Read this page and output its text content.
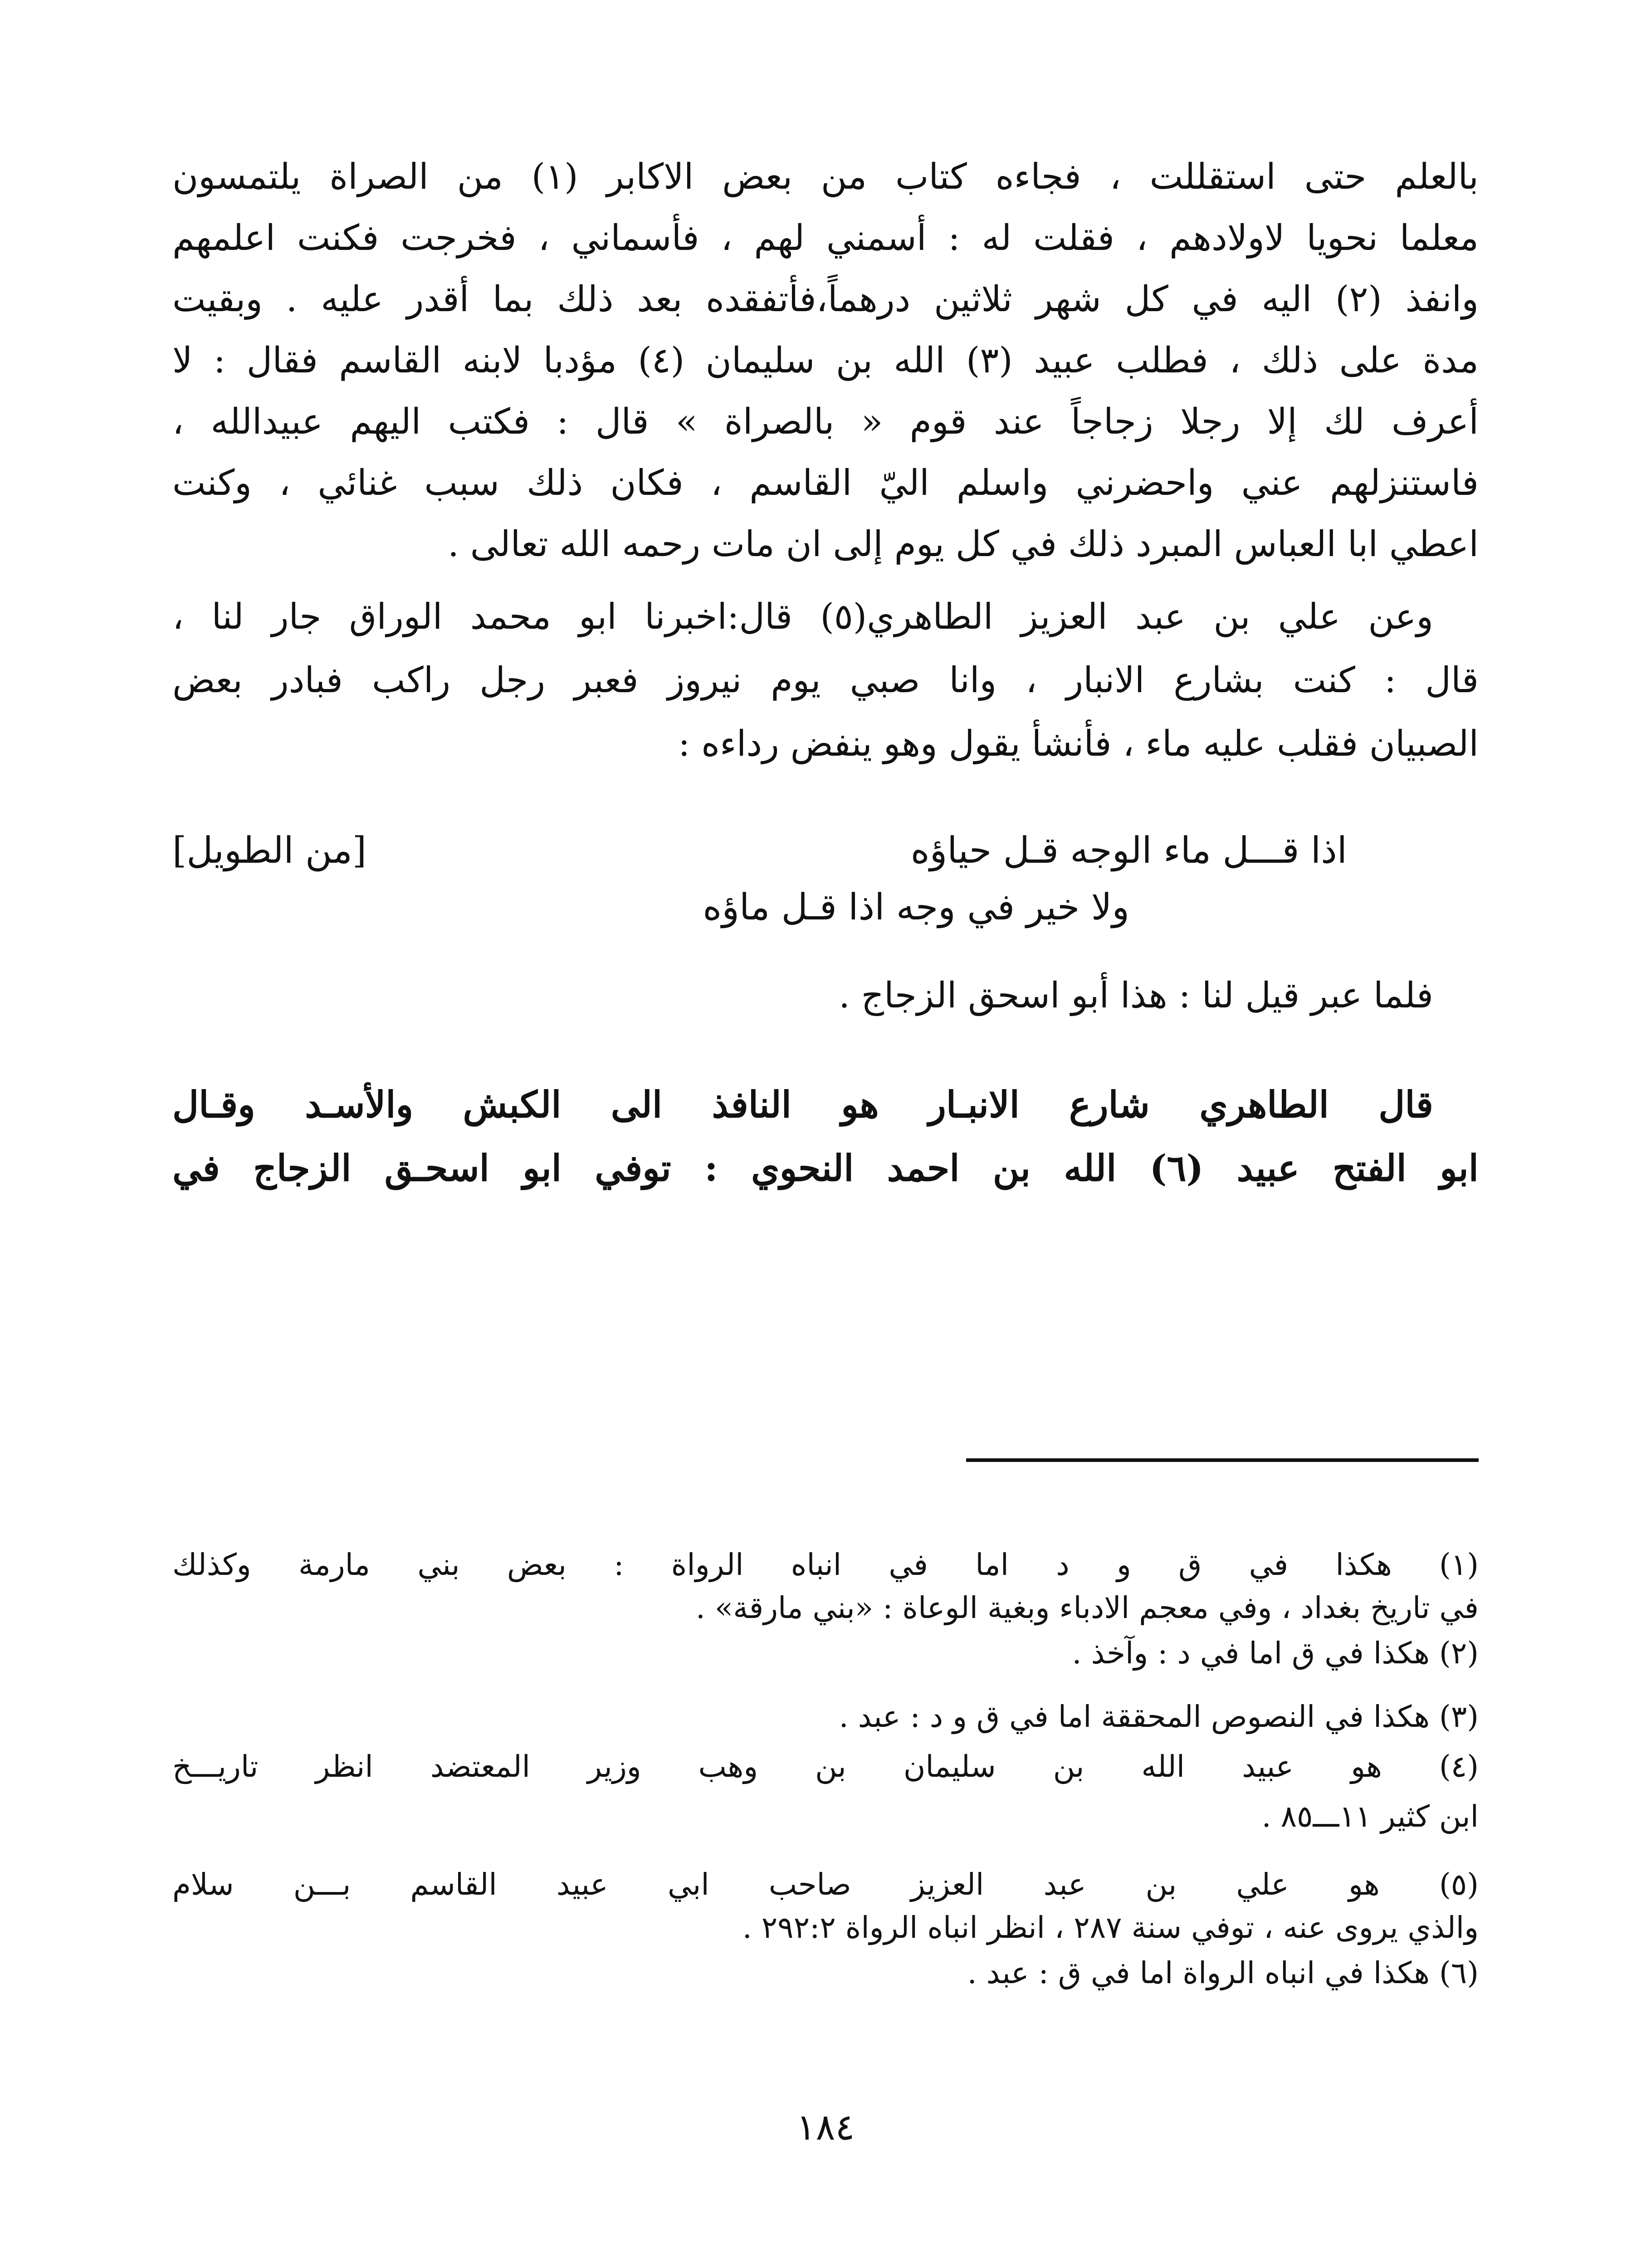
بالعلم حتى استقللت ، فجاءه كتاب من بعض الاكابر (١) من الصراة يلتمسون
معلما نحويا لاولادهم ، فقلت له : أسمني لهم ، فأسماني ، فخرجت فكنت اعلمهم
وانفذ (٢) اليه في كل شهر ثلاثين درهماً،فأتفقده بعد ذلك بما أقدر عليه . وبقيت
مدة على ذلك ، فطلب عبيد (٣) الله بن سليمان (٤) مؤدبا لابنه القاسم فقال : لا
أعرف لك إلا رجلا زجاجاً عند قوم « بالصراة » قال : فكتب اليهم عبيدالله ،
فاستنزلهم عني واحضرني واسلم اليّ القاسم ، فكان ذلك سبب غنائي ، وكنت
اعطي ابا العباس المبرد ذلك في كل يوم إلى ان مات رحمه الله تعالى .
وعن علي بن عبد العزيز الطاهري(٥) قال:اخبرنا ابو محمد الوراق جار لنا ،
قال : كنت بشارع الانبار ، وانا صبي يوم نيروز فعبر رجل راكب فبادر بعض
الصبيان فقلب عليه ماء ، فأنشأ يقول وهو ينفض رداءه :
اذا قـــل ماء الوجه قـل حياؤه
[من الطويل]
ولا خير في وجه اذا قـل ماؤه
فلما عبر قيل لنا : هذا أبو اسحق الزجاج .
قال الطاهري شارع الانبـار هو النافذ الى الكبش والأسـد وقـال
ابو الفتح عبيد (٦) الله بن احمد النحوي : توفي ابو اسحـق الزجاج في
(١) هكذا في ق و د اما في انباه الرواة : بعض بني مارمة وكذلك
في تاريخ بغداد ، وفي معجم الادباء وبغية الوعاة : «بني مارقة» .
(٢) هكذا في ق اما في د : وآخذ .
(٣) هكذا في النصوص المحققة اما في ق و د : عبد .
(٤) هو عبيد الله بن سليمان بن وهب وزير المعتضد انظر تاريـــخ
ابن كثير ١١ـــ٨٥ .
(٥) هو علي بن عبد العزيز صاحب ابي عبيد القاسم بـــن سلام
والذي يروى عنه ، توفي سنة ٢٨٧ ، انظر انباه الرواة ٢٩٢:٢ .
(٦) هكذا في انباه الرواة اما في ق : عبد .
١٨٤
